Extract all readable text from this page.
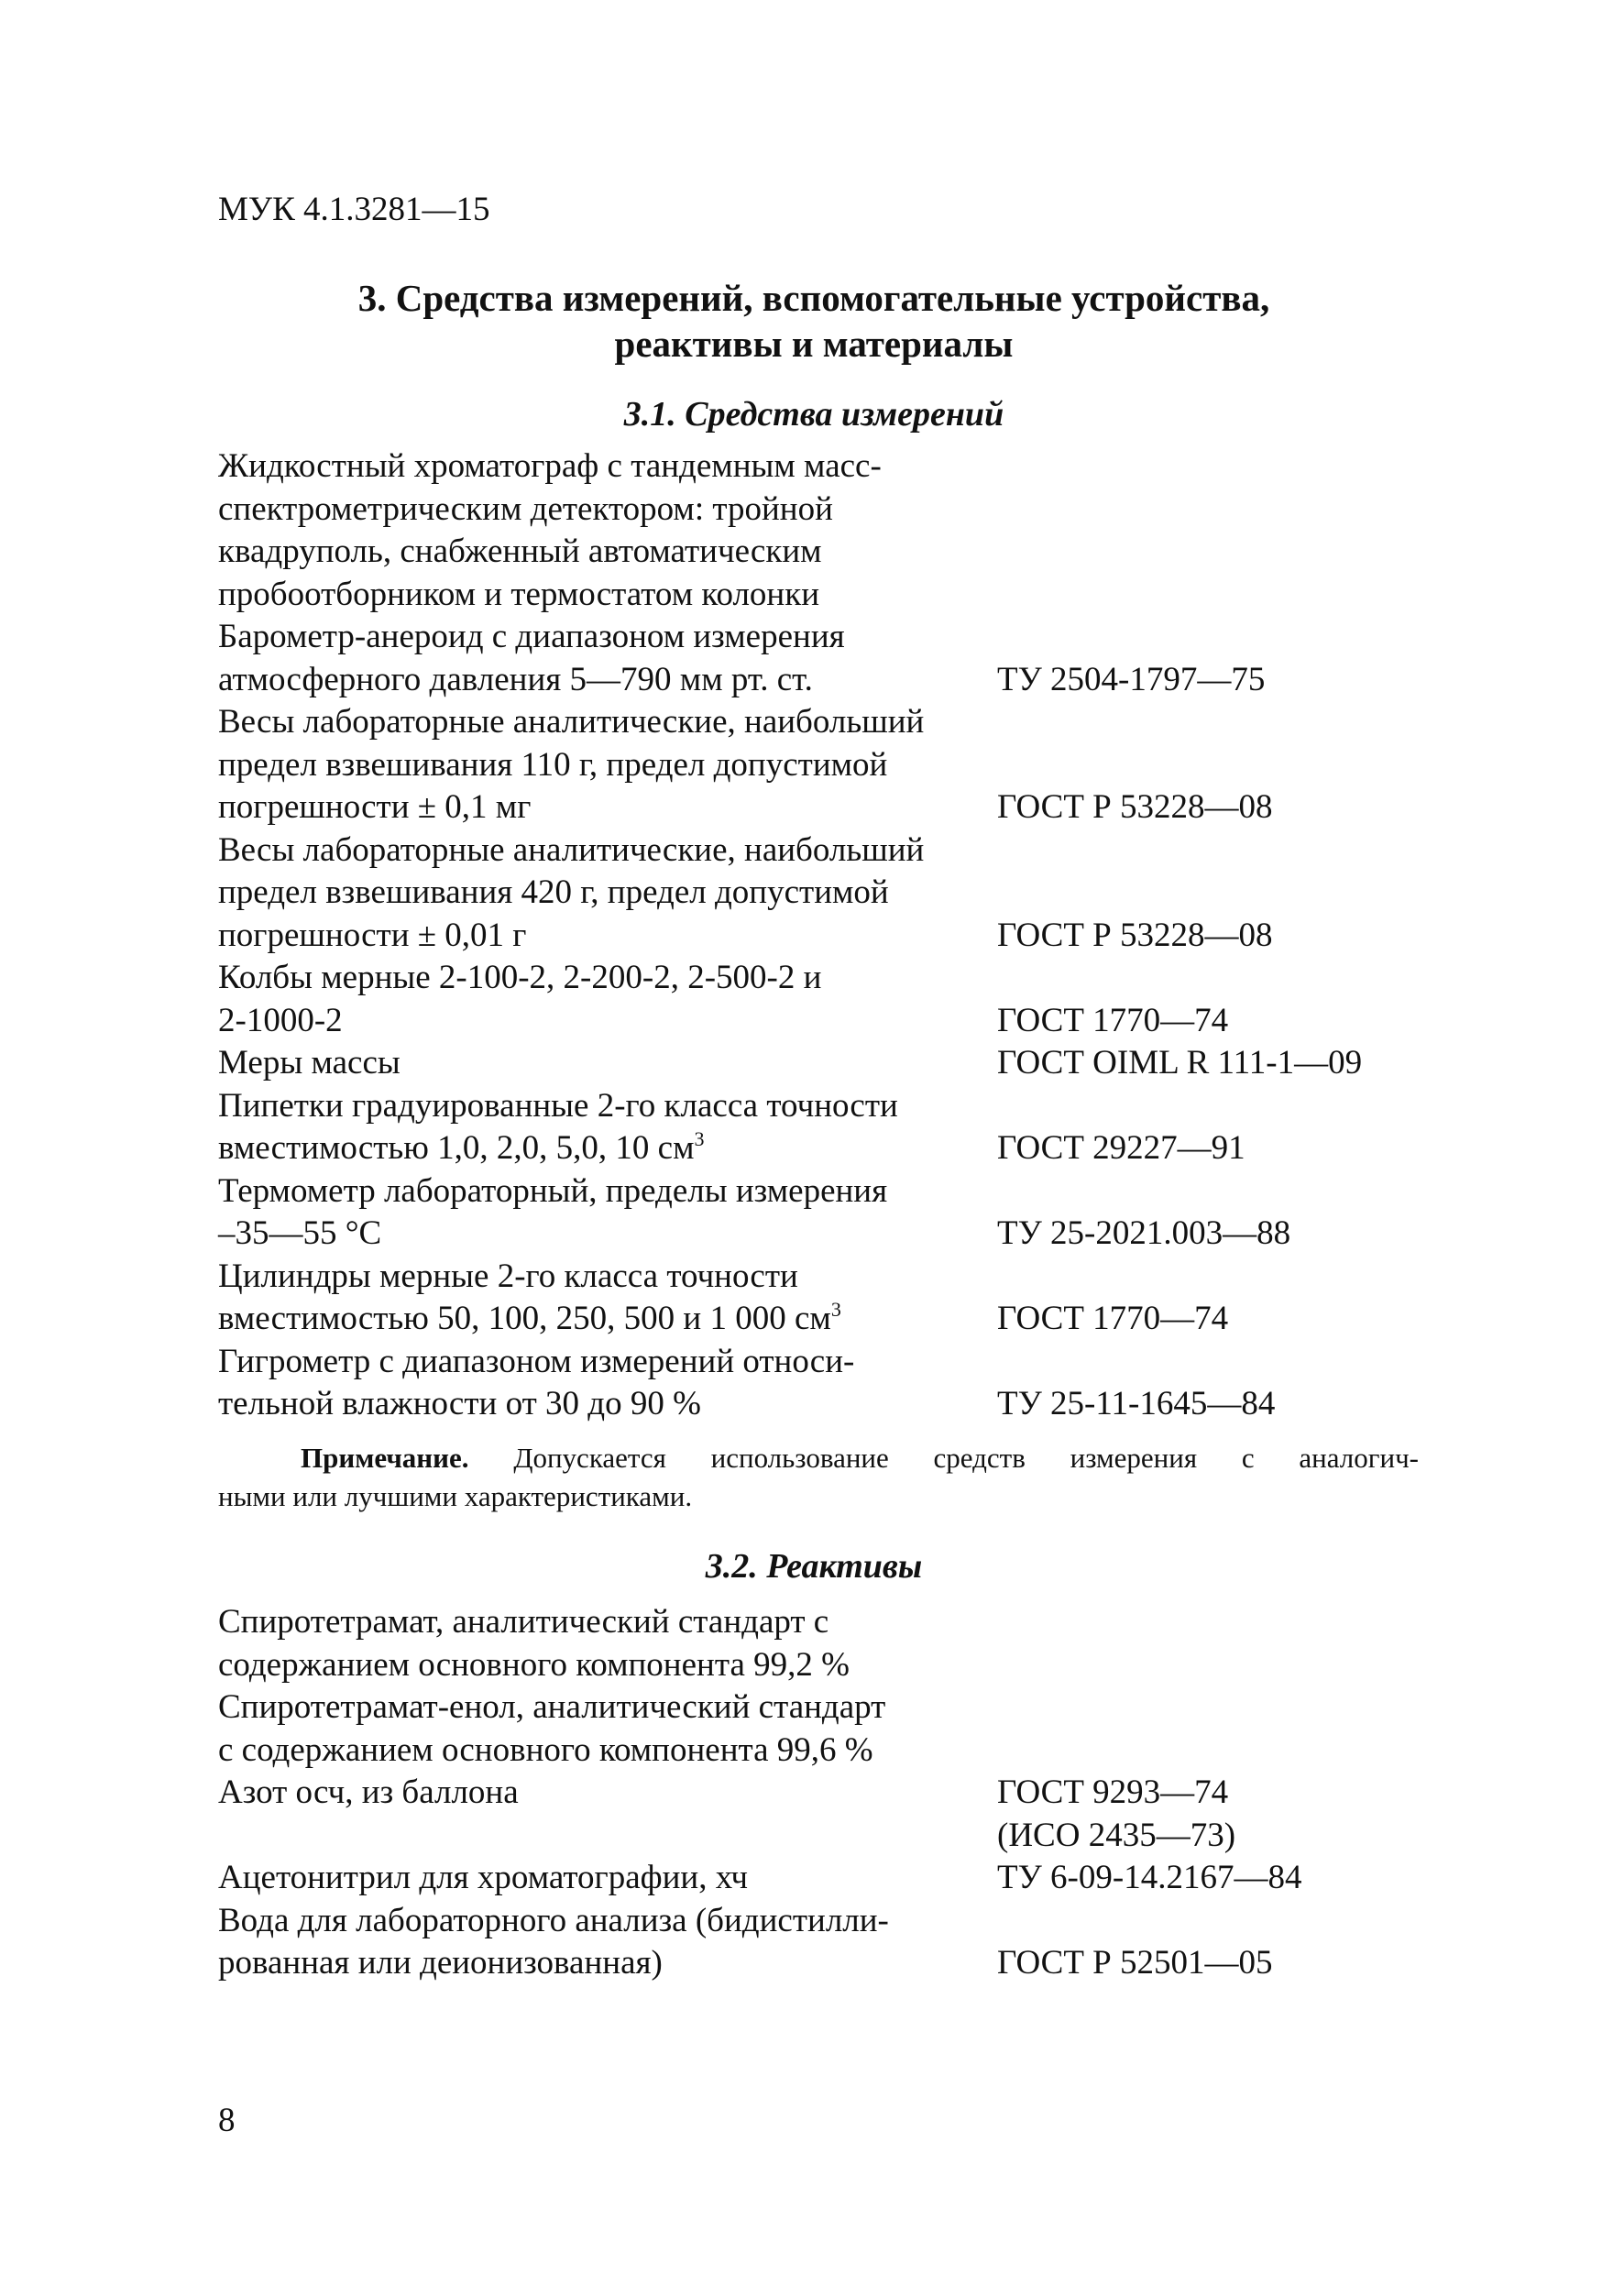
МУК 4.1.3281—15
3. Средства измерений, вспомогательные устройства,
реактивы и материалы
3.1. Средства измерений
Жидкостный хроматограф с тандемным масс-
спектрометрическим детектором: тройной
квадруполь, снабженный автоматическим
пробоотборником и термостатом колонки
Барометр-анероид с диапазоном измерения
атмосферного давления 5—790 мм рт. ст.	ТУ 2504-1797—75
Весы лабораторные аналитические, наибольший
предел взвешивания 110 г, предел допустимой
погрешности ± 0,1 мг	ГОСТ Р 53228—08
Весы лабораторные аналитические, наибольший
предел взвешивания 420 г, предел допустимой
погрешности ± 0,01 г	ГОСТ Р 53228—08
Колбы мерные 2-100-2, 2-200-2, 2-500-2 и
2-1000-2	ГОСТ 1770—74
Меры массы	ГОСТ OIML R 111-1—09
Пипетки градуированные 2-го класса точности
вместимостью 1,0, 2,0, 5,0, 10 $см^3$	ГОСТ 29227—91
Термометр лабораторный, пределы измерения
–35—55 °С	ТУ 25-2021.003—88
Цилиндры мерные 2-го класса точности
вместимостью 50, 100, 250, 500 и 1 000 $см^3$	ГОСТ 1770—74
Гигрометр с диапазоном измерений относи-
тельной влажности от 30 до 90 %	ТУ 25-11-1645—84
Примечание. Допускается использование средств измерения с аналогич-
ными или лучшими характеристиками.
3.2. Реактивы
Спиротетрамат, аналитический стандарт с
содержанием основного компонента 99,2 %
Спиротетрамат-енол, аналитический стандарт
с содержанием основного компонента 99,6 %
Азот осч, из баллона	ГОСТ 9293—74
(ИСО 2435—73)
Ацетонитрил для хроматографии, хч	ТУ 6-09-14.2167—84
Вода для лабораторного анализа (бидистилли-
рованная или деионизованная)	ГОСТ Р 52501—05
8
